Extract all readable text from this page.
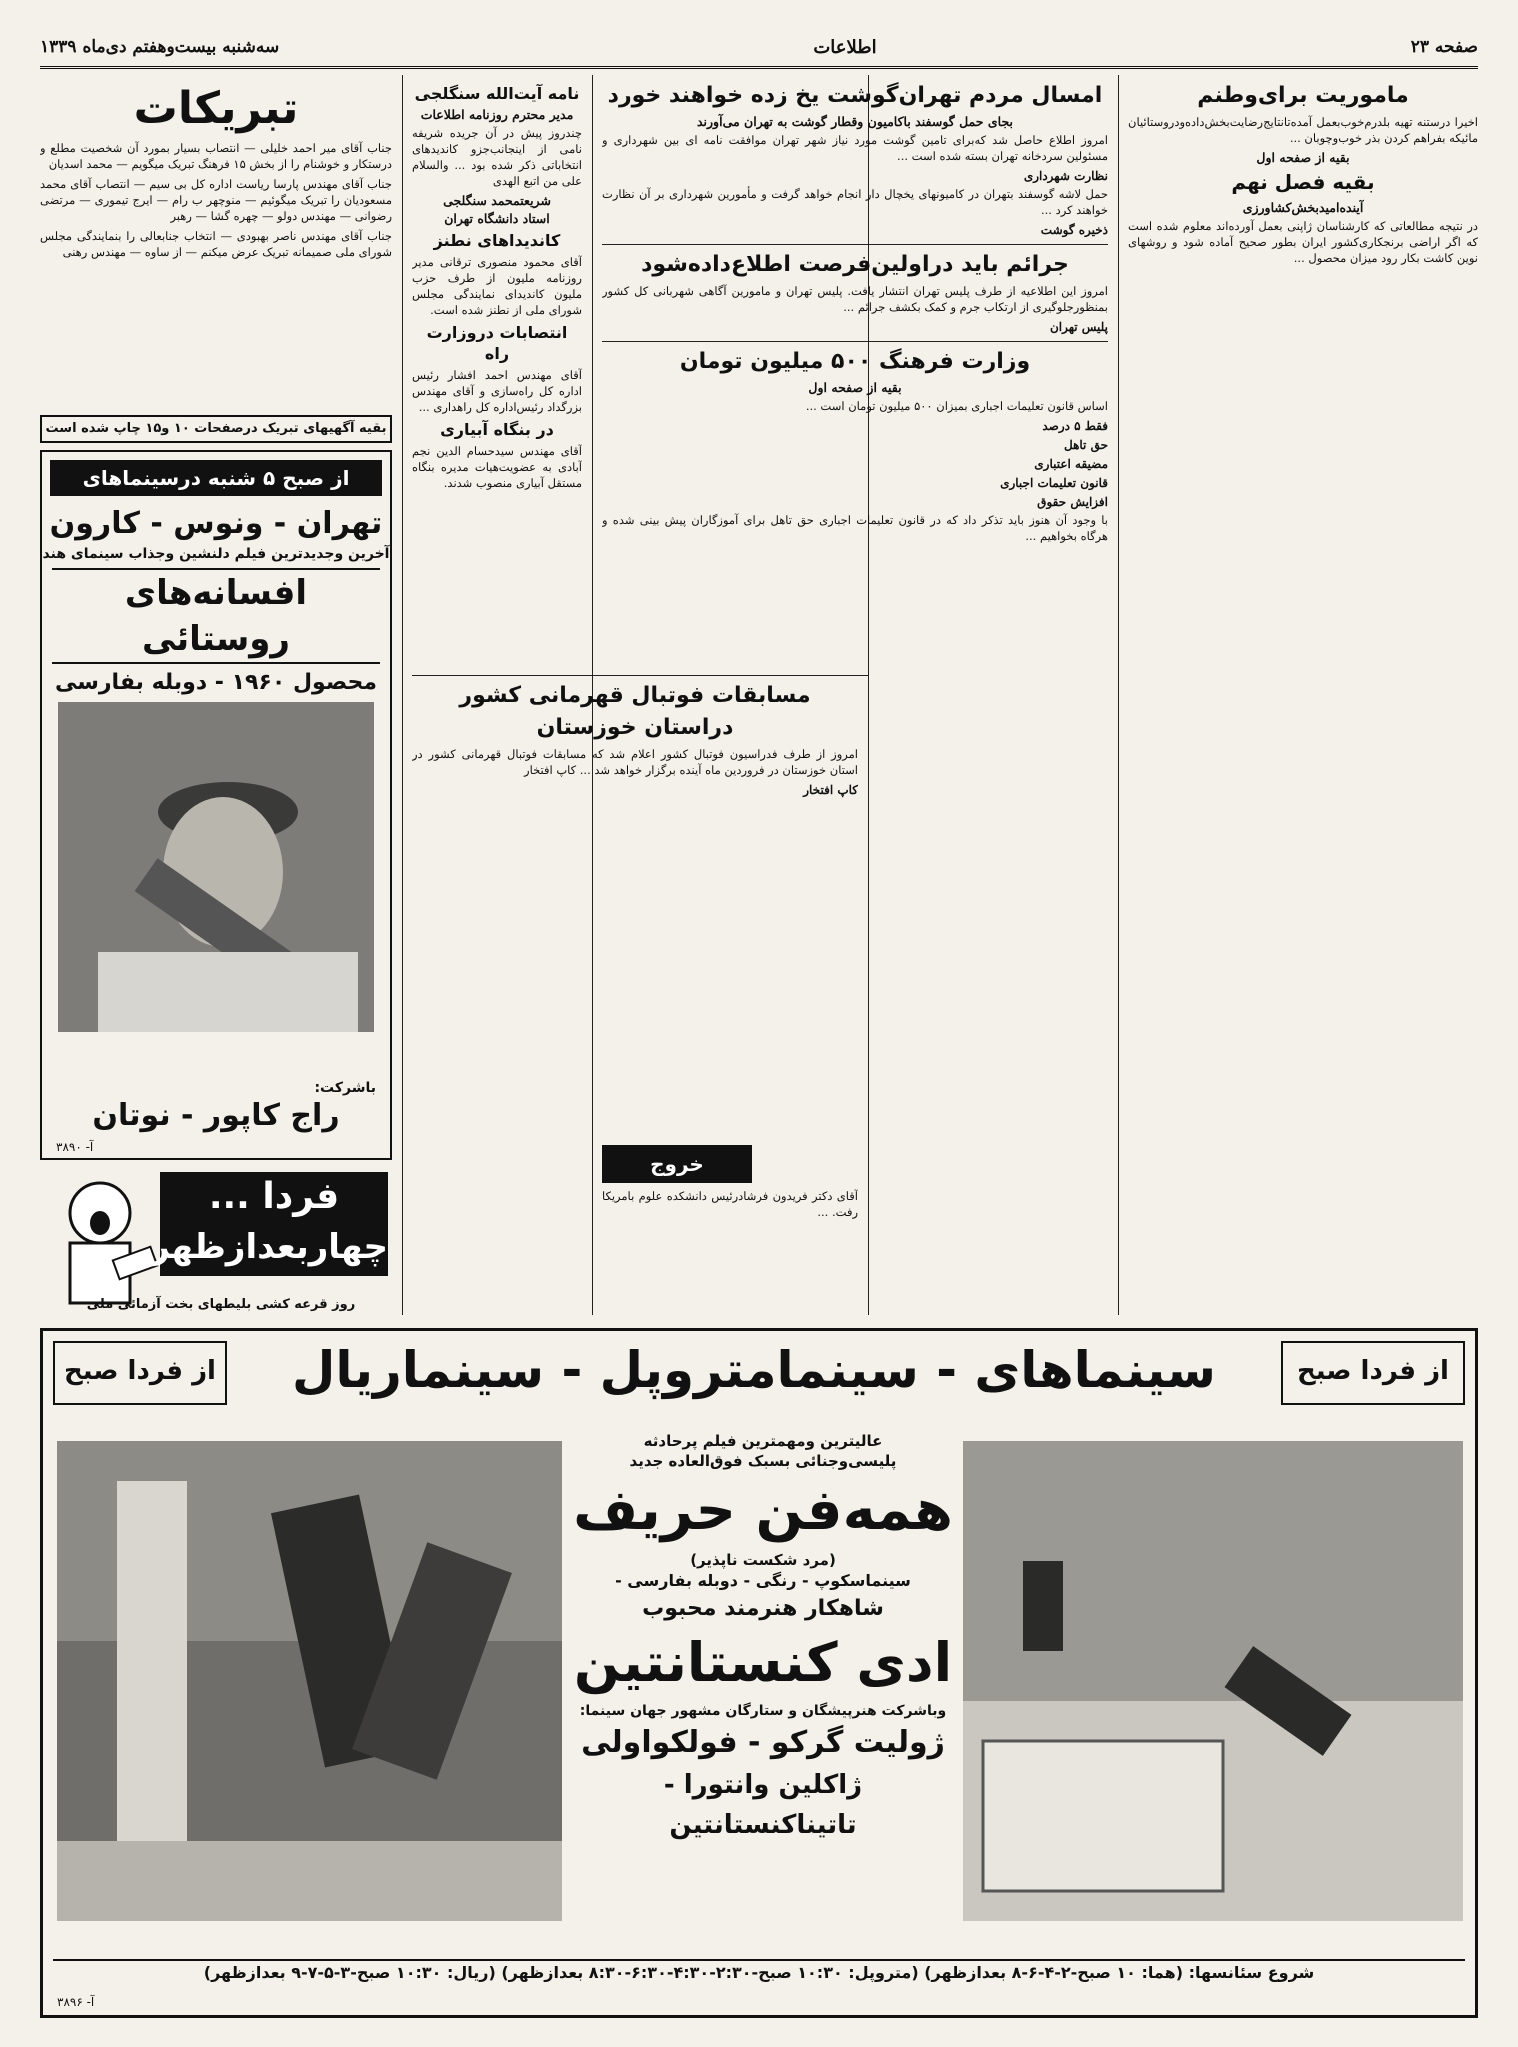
صفحه ۲۳
اطلاعات
سه‌شنبه بیست‌وهفتم دی‌ماه ۱۳۳۹
ماموریت برای‌وطنم

اخیرا درستنه تهیه بلدرم‌خوب‌بعمل آمده‌تانتایج‌رضایت‌بخش‌داده‌ودروستائیان مائیکه بفراهم کردن بذر خوب‌وچوبان ...

بقیه از صفحه اول
بقیه فصل نهم
آینده‌امیدبخش‌کشاورزی

در نتیجه مطالعاتی که کارشناسان ژاپنی بعمل آورده‌اند معلوم شده است که اگر اراضی برنجکاری‌کشور ایران بطور صحیح آماده شود و روشهای نوین کاشت بکار رود میزان محصول ...

امسال مردم تهران‌گوشت یخ زده خواهند خورد
بجای حمل گوسفند باکامیون وقطار گوشت به تهران می‌آورند

امروز اطلاع حاصل شد که‌برای تامین گوشت مورد نیاز شهر تهران موافقت نامه ای بین شهرداری و مسئولین سردخانه تهران بسته شده است ...

نظارت شهرداری

حمل لاشه گوسفند بتهران در کامیونهای یخچال دار انجام خواهد گرفت و مأمورین شهرداری بر آن نظارت خواهند کرد ...

ذخیره گوشت
جرائم باید دراولین‌فرصت اطلاع‌داده‌شود

امروز این اطلاعیه از طرف پلیس تهران انتشار یافت. پلیس تهران و مامورین آگاهی شهربانی کل کشور بمنظورجلوگیری از ارتکاب جرم و کمک بکشف جرائم ...

پلیس تهران
وزارت فرهنگ ۵۰۰ میلیون تومان
بقیه از صفحه اول

اساس قانون تعلیمات اجباری بمیزان ۵۰۰ میلیون تومان است ...

فقط ۵ درصد
حق تاهل
مضیقه اعتباری
قانون تعلیمات اجباری
افزایش حقوق

با وجود آن هنوز باید تذکر داد که در قانون تعلیمات اجباری حق تاهل برای آموزگاران پیش بینی شده و هرگاه بخواهیم ...

نامه آیت‌الله سنگلجی
مدیر محترم روزنامه اطلاعات

چندروز پیش در آن جریده شریفه نامی از اینجانب‌جزو کاندیدهای انتخاباتی ذکر شده بود ... والسلام علی من اتبع الهدی

شریعتمحمد سنگلجی
استاد دانشگاه تهران
کاندیداهای نطنز

آقای محمود منصوری ترقانی مدیر روزنامه ملیون از طرف حزب ملیون کاندیدای نمایندگی مجلس شورای ملی از نطنز شده است.

انتصابات دروزارت راه

آقای مهندس احمد افشار رئیس اداره کل راه‌سازی و آقای مهندس بزرگداد رئیس‌اداره کل راهداری ...

در بنگاه آبیاری

آقای مهندس سیدحسام الدین نجم آبادی به عضویت‌هیات مدیره بنگاه مستقل آبیاری منصوب شدند.

مسابقات فوتبال قهرمانی کشور
دراستان خوزستان

امروز از طرف فدراسیون فوتبال کشور اعلام شد که مسابقات فوتبال قهرمانی کشور در استان خوزستان در فروردین ماه آینده برگزار خواهد شد ... کاپ افتخار

کاپ افتخار
خروج

آقای دکتر فریدون فرشادرئیس دانشکده علوم بامریکا رفت. ...

تبریکات

جناب آقای میر احمد خلیلی — انتصاب بسیار بمورد آن شخصیت مطلع و درستکار و خوشنام را از بخش ۱۵ فرهنگ تبریک میگویم — محمد اسدیان

جناب آقای مهندس پارسا ریاست اداره کل بی سیم — انتصاب آقای محمد مسعودیان را تبریک میگوئیم — منوچهر ب رام — ایرج تیموری — مرتضی رضوانی — مهندس دولو — چهره گشا — رهبر

جناب آقای مهندس ناصر بهبودی — انتخاب جنابعالی را بنمایندگی مجلس شورای ملی صمیمانه تبریک عرض میکنم — از ساوه — مهندس رهنی

بقیه آگهیهای تبریک درصفحات ۱۰ و۱۵ چاپ شده است
از صبح ۵ شنبه درسینماهای
تهران - ونوس - کارون
آخرین وجدیدترین فیلم دلنشین وجذاب سینمای هند
افسانه‌های روستائی
محصول ۱۹۶۰ - دوبله بفارسی
باشرکت:
راج کاپور - نوتان
آ- ۳۸۹۰
فردا ...
چهاربعدازظهر
روز قرعه کشی بلیطهای بخت آزمائی ملی
از فردا صبح
از فردا صبح	سینماهای - سینمامتروپل - سینماریال
عالیترین ومهمترین فیلم پرحادثه
پلیسی‌وجنائی بسبک فوق‌العاده جدید
همه‌فن حریف
(مرد شکست ناپذیر)
سینماسکوپ - رنگی - دوبله بفارسی -
شاهکار هنرمند محبوب
ادی کنستانتین
وباشرکت هنرپیشگان و ستارگان مشهور جهان سینما:
ژولیت گرکو - فولکواولی
ژاکلین وانتورا - تاتیناکنستانتین
شروع سئانسها: (هما: ۱۰ صبح-۲-۴-۶-۸ بعدازظهر) (متروپل: ۱۰:۳۰ صبح-۲:۳۰-۴:۳۰-۶:۳۰-۸:۳۰ بعدازظهر) (ریال: ۱۰:۳۰ صبح-۳-۵-۷-۹ بعدازظهر)
آ- ۳۸۹۶
